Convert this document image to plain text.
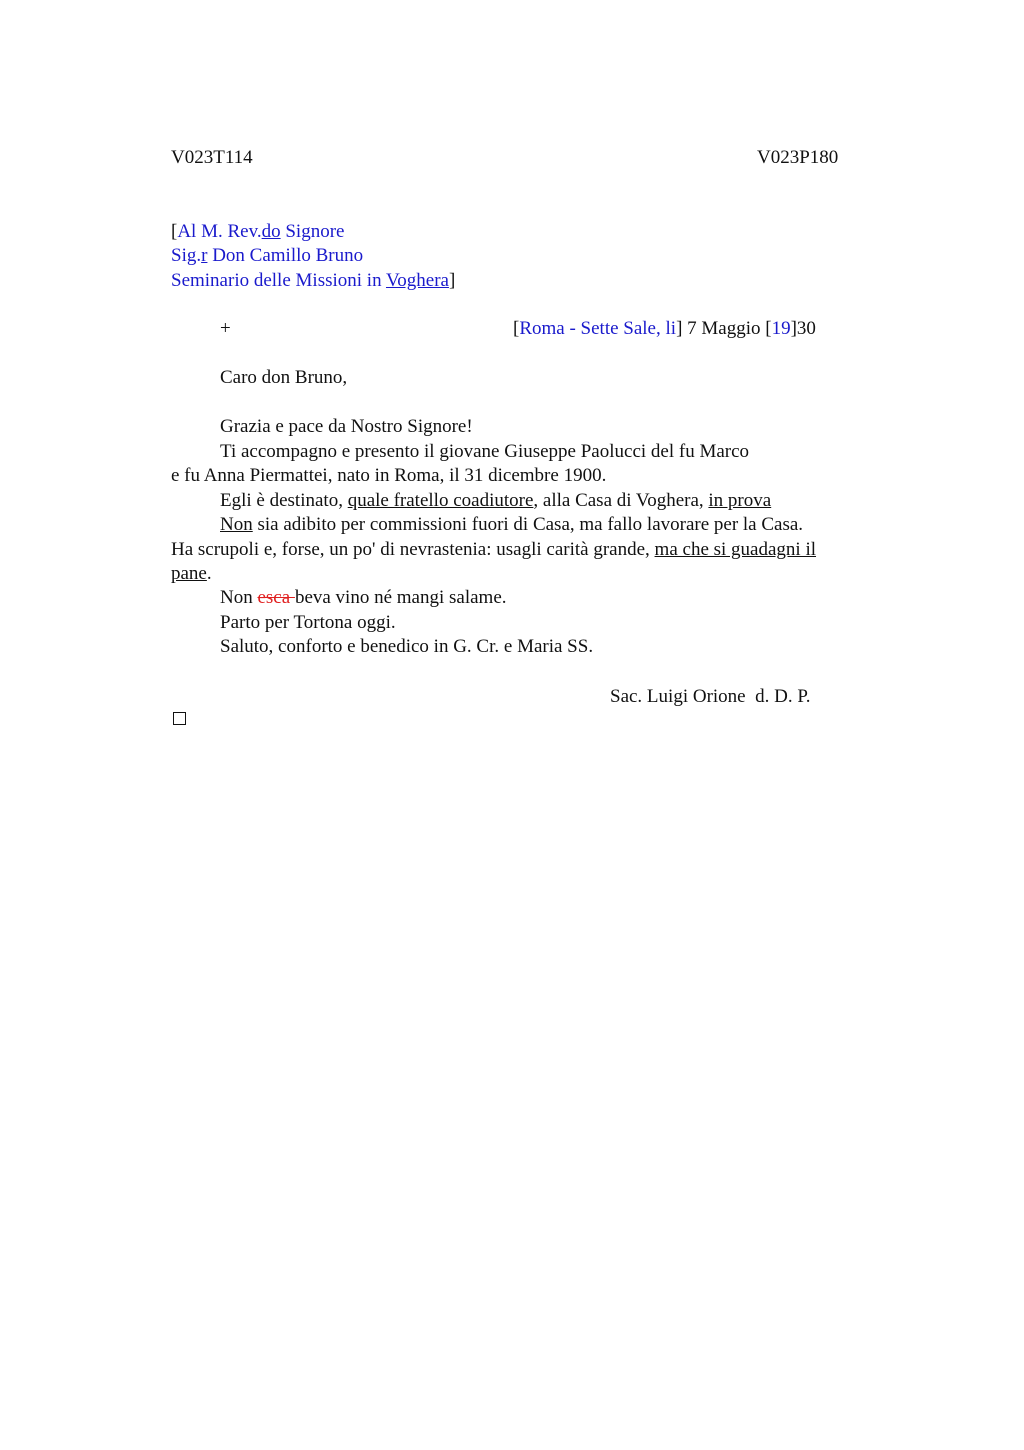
V023T114	V023P180
[Al M. Rev.do Signore
Sig.r Don Camillo Bruno
Seminario delle Missioni in Voghera]
+	[Roma - Sette Sale, li] 7 Maggio [19]30
Caro don Bruno,
Grazia e pace da Nostro Signore!
Ti accompagno e presento il giovane Giuseppe Paolucci del fu Marco
e fu Anna Piermattei, nato in Roma, il 31 dicembre 1900.
Egli è destinato, quale fratello coadiutore, alla Casa di Voghera, in prova
Non sia adibito per commissioni fuori di Casa, ma fallo lavorare per la Casa.
Ha scrupoli e, forse, un po' di nevrastenia: usagli carità grande, ma che si guadagni il
pane.
Non esca beva vino né mangi salame.
Parto per Tortona oggi.
Saluto, conforto e benedico in G. Cr. e Maria SS.
Sac. Luigi Orione  d. D. P.
